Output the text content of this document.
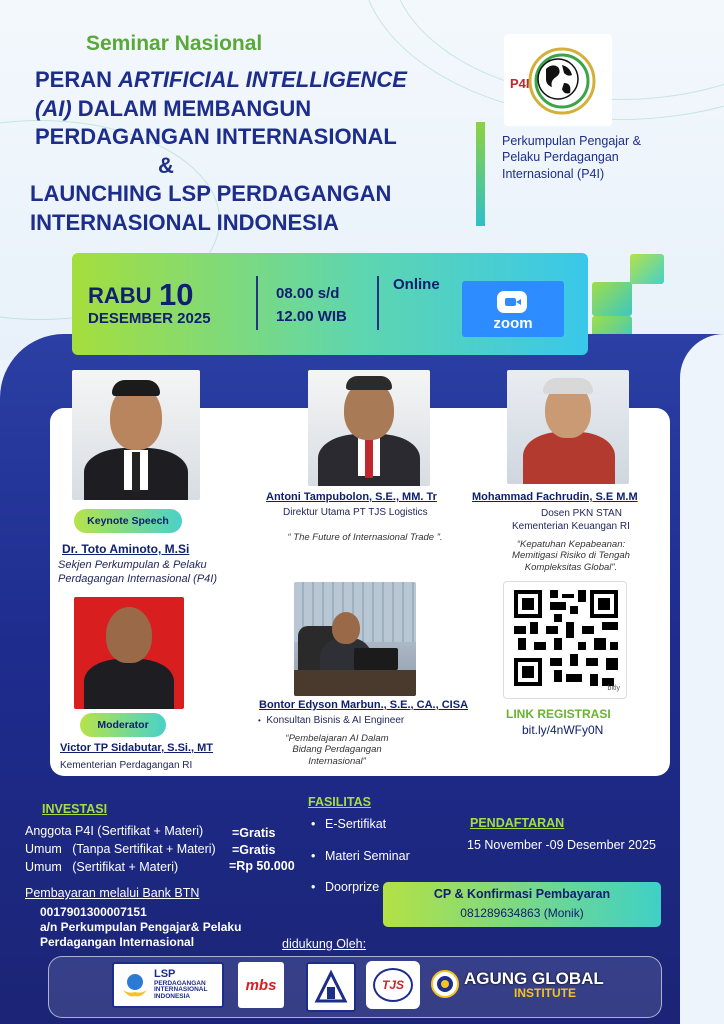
Seminar Nasional
PERAN ARTIFICIAL INTELLIGENCE
(AI) DALAM MEMBANGUN
PERDAGANGAN INTERNASIONAL
&
LAUNCHING LSP PERDAGANGAN
INTERNASIONAL INDONESIA
P4I
Perkumpulan Pengajar & Pelaku Perdagangan Internasional (P4I)
RABU 10
DESEMBER 2025
08.00 s/d
12.00 WIB
Online
zoom
Keynote Speech
Dr. Toto Aminoto, M.Si
Sekjen Perkumpulan & Pelaku
Perdagangan Internasional (P4I)
Antoni Tampubolon, S.E., MM. Tr
Direktur Utama PT TJS Logistics
“ The Future of Internasional Trade ”.
Mohammad Fachrudin, S.E M.M
Dosen PKN STAN
Kementerian Keuangan RI
“Kepatuhan Kepabeanan:
Memitigasi Risiko di Tengah
Kompleksitas Global”.
Moderator
Victor TP Sidabutar, S.Si., MT
Kementerian Perdagangan RI
Bontor Edyson Marbun., S.E., CA., CISA
• Konsultan Bisnis & AI Engineer
“Pembelajaran AI Dalam
Bidang Perdagangan
Internasional”
bitly
LINK REGISTRASI
bit.ly/4nWFy0N
INVESTASI
Anggota P4I (Sertifikat + Materi) =Gratis
Umum   (Tanpa Sertifikat + Materi) =Gratis
Umum   (Sertifikat + Materi)	=Rp 50.000
FASILITAS
• E-Sertifikat
• Materi Seminar
• Doorprize
PENDAFTARAN
15 November -09 Desember 2025
Pembayaran melalui Bank BTN
0017901300007151
a/n Perkumpulan Pengajar& Pelaku
Perdagangan Internasional
CP & Konfirmasi Pembayaran
081289634863 (Monik)
didukung Oleh:
LSP
PERDAGANGAN
INTERNASIONAL
INDONESIA
mbs	TJS	AGUNG GLOBAL
INSTITUTE
